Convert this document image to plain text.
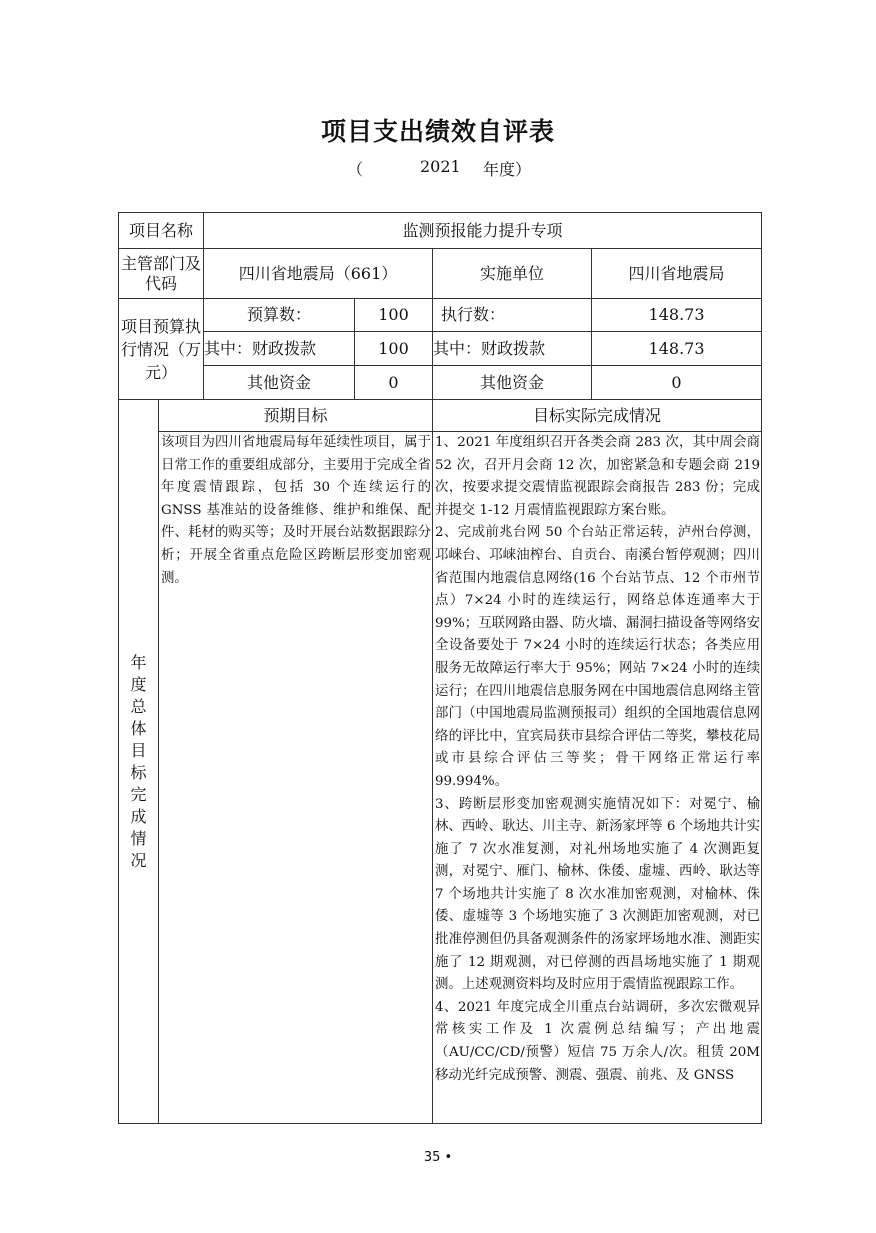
项目支出绩效自评表
（	2021 年度）
项目名称		监测预报能力提升专项			
主管部门及代码		四川省地震局（661）		实施单位	四川省地震局
项目预算执行情况（万元）		预算数：	100	执行数：	148.73
		其中：财政拨款	100	其中：财政拨款	148.73
		其他资金	0	其他资金	0

年度总体目标完成情况	预期目标			目标实际完成情况	

	该项目为四川省地震局每年延续性项目，属于日常工作的重要组成部分，主要用于完成全省年度震情跟踪，包括 30 个连续运行的 GNSS 基准站的设备维修、维护和维保、配件、耗材的购买等；及时开展台站数据跟踪分析；开展全省重点危险区跨断层形变加密观测。			1、2021 年度组织召开各类会商 283 次，其中周会商 52 次，召开月会商 12 次，加密紧急和专题会商 219 次，按要求提交震情监视跟踪会商报告 283 份；完成并提交 1-12 月震情监视跟踪方案台账。

2、完成前兆台网 50 个台站正常运转，泸州台停测，邛崃台、邛崃油榨台、自贡台、南溪台暂停观测；四川省范围内地震信息网络(16 个台站节点、12 个市州节点）7×24 小时的连续运行，网络总体连通率大于 99%；互联网路由器、防火墙、漏洞扫描设备等网络安全设备要处于 7×24 小时的连续运行状态；各类应用服务无故障运行率大于 95%；网站 7×24 小时的连续运行；在四川地震信息服务网在中国地震信息网络主管部门（中国地震局监测预报司）组织的全国地震信息网络的评比中，宜宾局获市县综合评估二等奖，攀枝花局或市县综合评估三等奖；骨干网络正常运行率 99.994%。

3、跨断层形变加密观测实施情况如下：对冕宁、榆林、西岭、耿达、川主寺、新汤家坪等 6 个场地共计实施了 7 次水准复测，对礼州场地实施了 4 次测距复测，对冕宁、雁门、榆林、侏倭、虚墟、西岭、耿达等 7 个场地共计实施了 8 次水准加密观测，对榆林、侏倭、虚墟等 3 个场地实施了 3 次测距加密观测，对已批准停测但仍具备观测条件的汤家坪场地水准、测距实施了 12 期观测，对已停测的西昌场地实施了 1 期观测。上述观测资料均及时应用于震情监视跟踪工作。

4、2021 年度完成全川重点台站调研，多次宏微观异常核实工作及 1 次震例总结编写；产出地震（AU/CC/CD/预警）短信 75 万余人/次。租赁 20M 移动光纤完成预警、测震、强震、前兆、及 GNSS	

35 •
